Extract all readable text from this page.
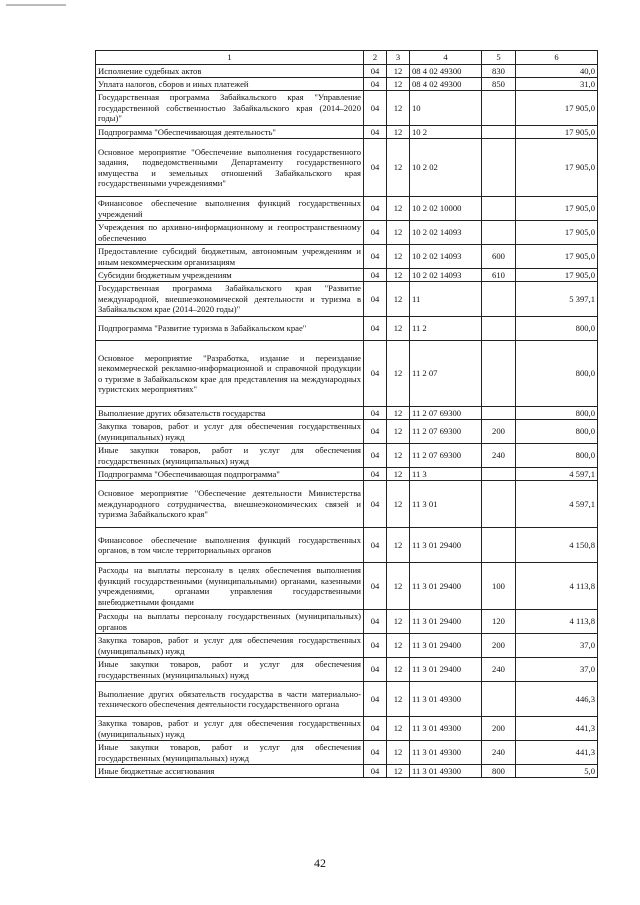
1	2	3	4	5	6
Исполнение судебных актов	04	12	08 4 02 49300	830	40,0
Уплата налогов, сборов и иных платежей	04	12	08 4 02 49300	850	31,0
Государственная программа Забайкальского края "Управление государственной собственностью Забайкальского края (2014–2020 годы)"	04	12	10		17 905,0
Подпрограмма "Обеспечивающая деятельность"	04	12	10 2		17 905,0
Основное мероприятие "Обеспечение выполнения государственного задания, подведомственными Департаменту государственного имущества и земельных отношений Забайкальского края государственными учреждениями"	04	12	10 2 02		17 905,0
Финансовое обеспечение выполнения функций государственных учреждений	04	12	10 2 02 10000		17 905,0
Учреждения по архивно-информационному и геопространственному обеспечению	04	12	10 2 02 14093		17 905,0
Предоставление субсидий бюджетным, автономным учреждениям и иным некоммерческим организациям	04	12	10 2 02 14093	600	17 905,0
Субсидии бюджетным учреждениям	04	12	10 2 02 14093	610	17 905,0
Государственная программа Забайкальского края "Развитие международной, внешнеэкономической деятельности и туризма в Забайкальском крае (2014–2020 годы)"	04	12	11		5 397,1
Подпрограмма "Развитие туризма в Забайкальском крае"	04	12	11 2		800,0
Основное мероприятие "Разработка, издание и переиздание некоммерческой рекламно-информационной и справочной продукции о туризме в Забайкальском крае для представления на международных туристских мероприятиях"	04	12	11 2 07		800,0
Выполнение других обязательств государства	04	12	11 2 07 69300		800,0
Закупка товаров, работ и услуг для обеспечения государственных (муниципальных) нужд	04	12	11 2 07 69300	200	800,0
Иные закупки товаров, работ и услуг для обеспечения государственных (муниципальных) нужд	04	12	11 2 07 69300	240	800,0
Подпрограмма "Обеспечивающая подпрограмма"	04	12	11 3		4 597,1
Основное мероприятие "Обеспечение деятельности Министерства международного сотрудничества, внешнеэкономических связей и туризма Забайкальского края"	04	12	11 3 01		4 597,1
Финансовое обеспечение выполнения функций государственных органов, в том числе территориальных органов	04	12	11 3 01 29400		4 150,8
Расходы на выплаты персоналу в целях обеспечения выполнения функций государственными (муниципальными) органами, казенными учреждениями, органами управления государственными внебюджетными фондами	04	12	11 3 01 29400	100	4 113,8
Расходы на выплаты персоналу государственных (муниципальных) органов	04	12	11 3 01 29400	120	4 113,8
Закупка товаров, работ и услуг для обеспечения государственных (муниципальных) нужд	04	12	11 3 01 29400	200	37,0
Иные закупки товаров, работ и услуг для обеспечения государственных (муниципальных) нужд	04	12	11 3 01 29400	240	37,0
Выполнение других обязательств государства в части материально-технического обеспечения деятельности государственного органа	04	12	11 3 01 49300		446,3
Закупка товаров, работ и услуг для обеспечения государственных (муниципальных) нужд	04	12	11 3 01 49300	200	441,3
Иные закупки товаров, работ и услуг для обеспечения государственных (муниципальных) нужд	04	12	11 3 01 49300	240	441,3
Иные бюджетные ассигнования	04	12	11 3 01 49300	800	5,0
42
